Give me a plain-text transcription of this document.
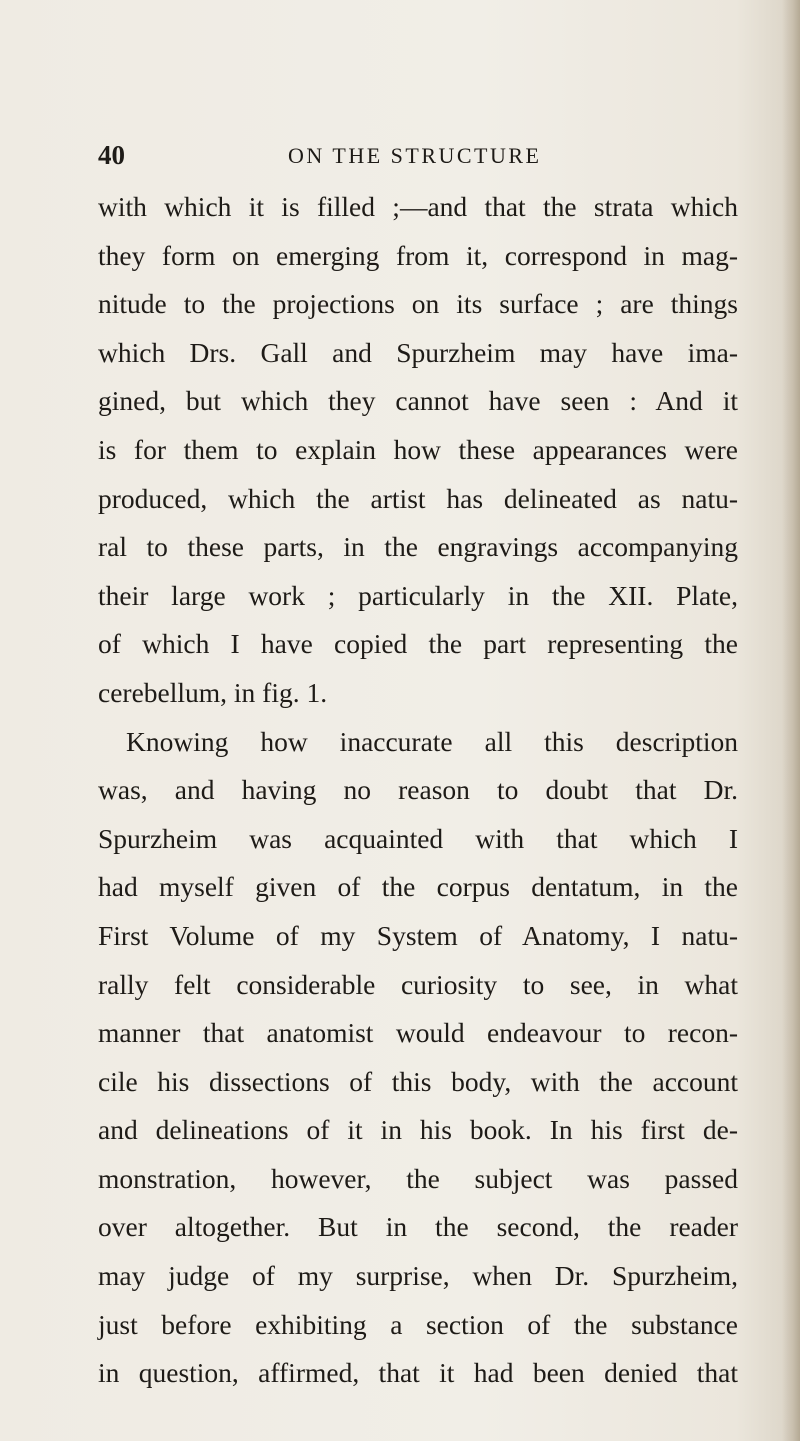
40	ON THE STRUCTURE
with which it is filled ;—and that the strata which
they form on emerging from it, correspond in mag-
nitude to the projections on its surface ; are things
which Drs. Gall and Spurzheim may have ima-
gined, but which they cannot have seen : And it
is for them to explain how these appearances were
produced, which the artist has delineated as natu-
ral to these parts, in the engravings accompanying
their large work ; particularly in the XII. Plate,
of which I have copied the part representing the
cerebellum, in fig. 1.
Knowing how inaccurate all this description
was, and having no reason to doubt that Dr.
Spurzheim was acquainted with that which I
had myself given of the corpus dentatum, in the
First Volume of my System of Anatomy, I natu-
rally felt considerable curiosity to see, in what
manner that anatomist would endeavour to recon-
cile his dissections of this body, with the account
and delineations of it in his book. In his first de-
monstration, however, the subject was passed
over altogether. But in the second, the reader
may judge of my surprise, when Dr. Spurzheim,
just before exhibiting a section of the substance
in question, affirmed, that it had been denied that
